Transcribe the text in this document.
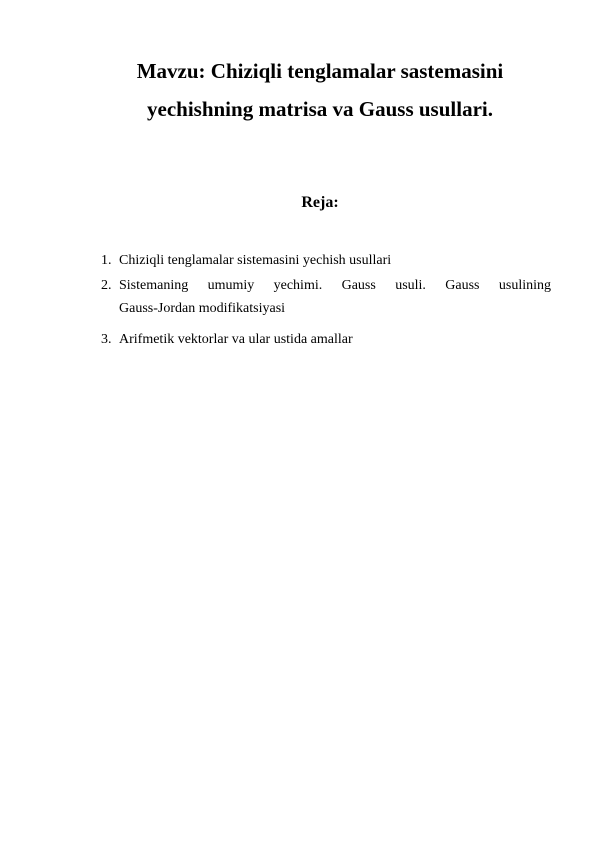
Mavzu: Chiziqli tenglamalar sastemasini
yechishning matrisa va Gauss usullari.
Reja:
1. Chiziqli tenglamalar sistemasini yechish usullari
2. Sistemaning umumiy yechimi. Gauss usuli. Gauss usulining
Gauss-Jordan modifikatsiyasi
3. Arifmetik vektorlar va ular ustida amallar
